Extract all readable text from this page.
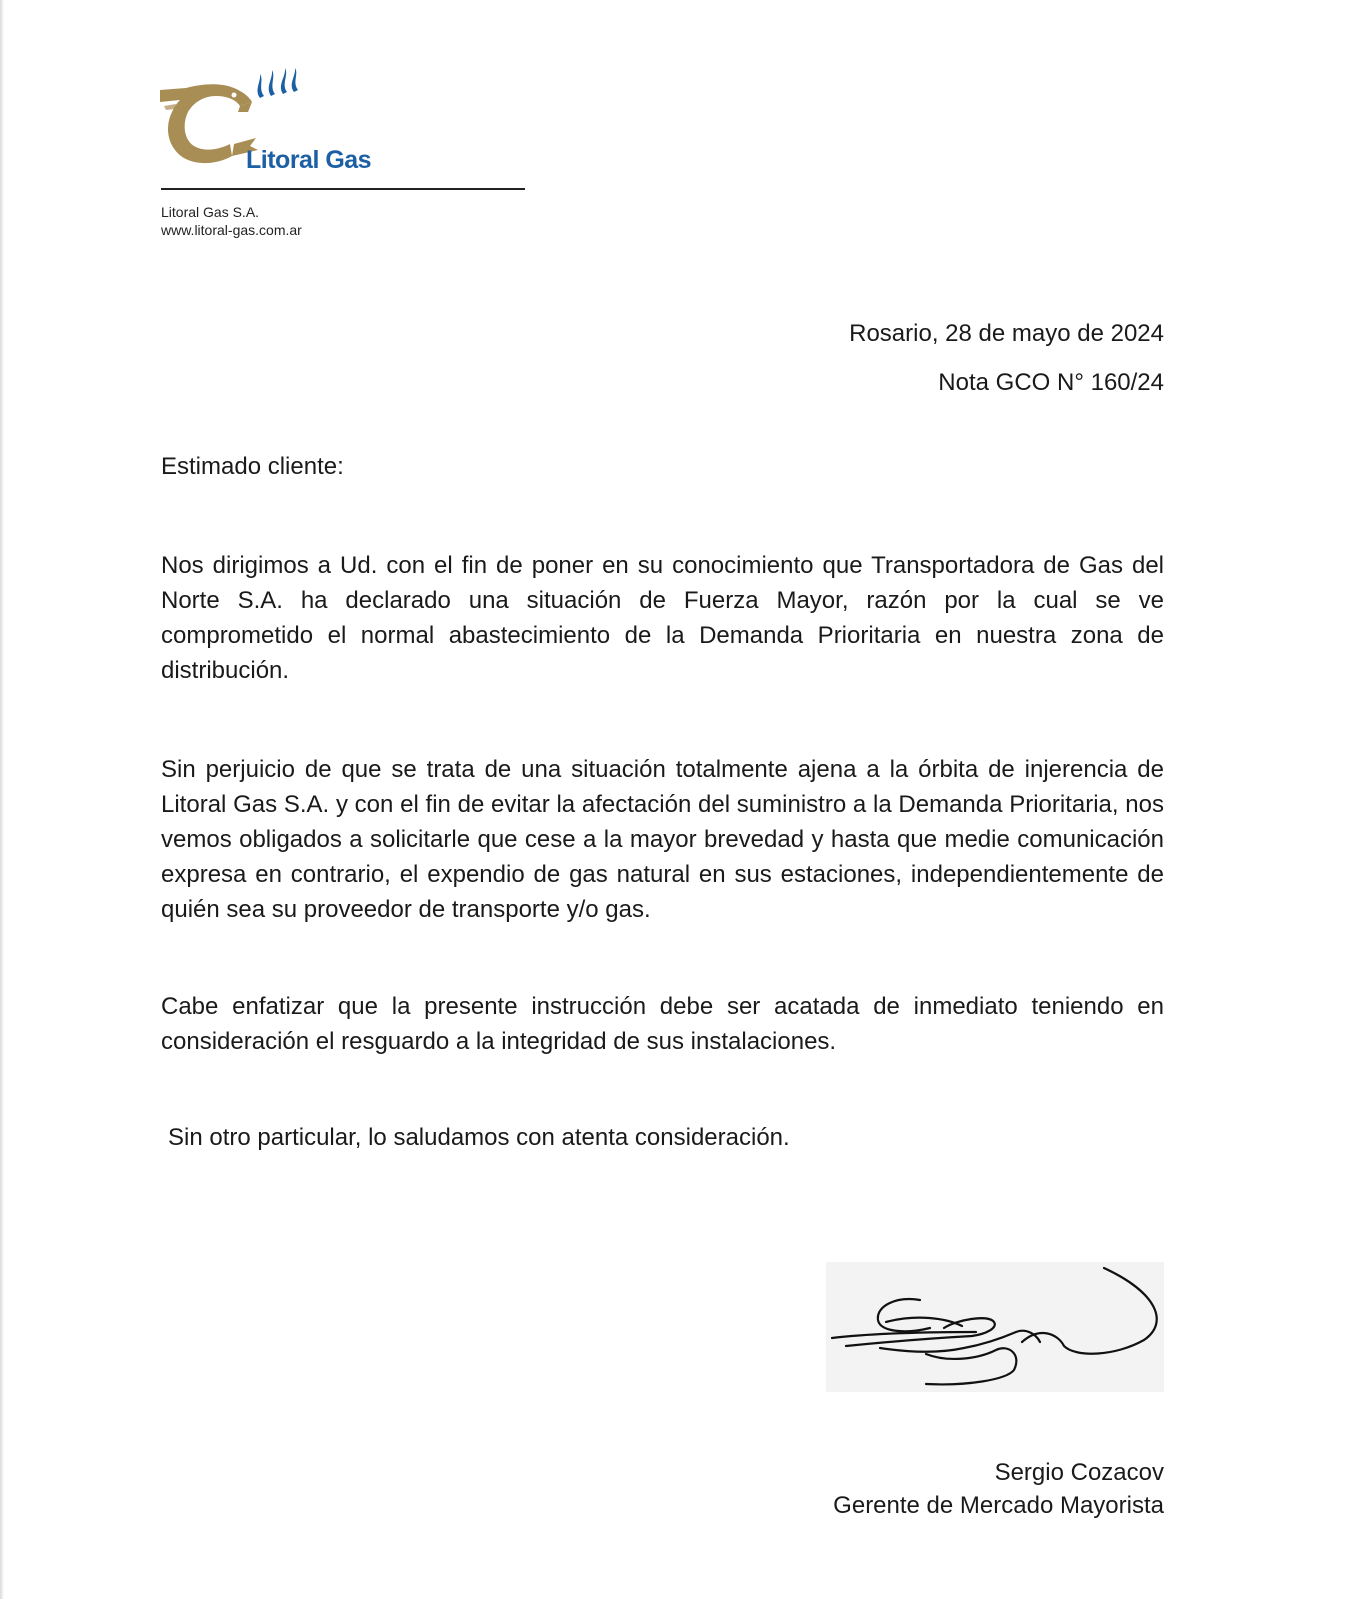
Litoral Gas
Litoral Gas S.A.
www.litoral-gas.com.ar
Rosario, 28 de mayo de 2024
Nota GCO N° 160/24
Estimado cliente:

Nos dirigimos a Ud. con el fin de poner en su conocimiento que Transportadora de Gas del Norte S.A. ha declarado una situación de Fuerza Mayor, razón por la cual se ve comprometido el normal abastecimiento de la Demanda Prioritaria en nuestra zona de distribución.

Sin perjuicio de que se trata de una situación totalmente ajena a la órbita de injerencia de Litoral Gas S.A. y con el fin de evitar la afectación del suministro a la Demanda Prioritaria, nos vemos obligados a solicitarle que cese a la mayor brevedad y hasta que medie comunicación expresa en contrario, el expendio de gas natural en sus estaciones, independientemente de quién sea su proveedor de transporte y/o gas.

Cabe enfatizar que la presente instrucción debe ser acatada de inmediato teniendo en consideración el resguardo a la integridad de sus instalaciones.

Sin otro particular, lo saludamos con atenta consideración.
Sergio Cozacov
Gerente de Mercado Mayorista
